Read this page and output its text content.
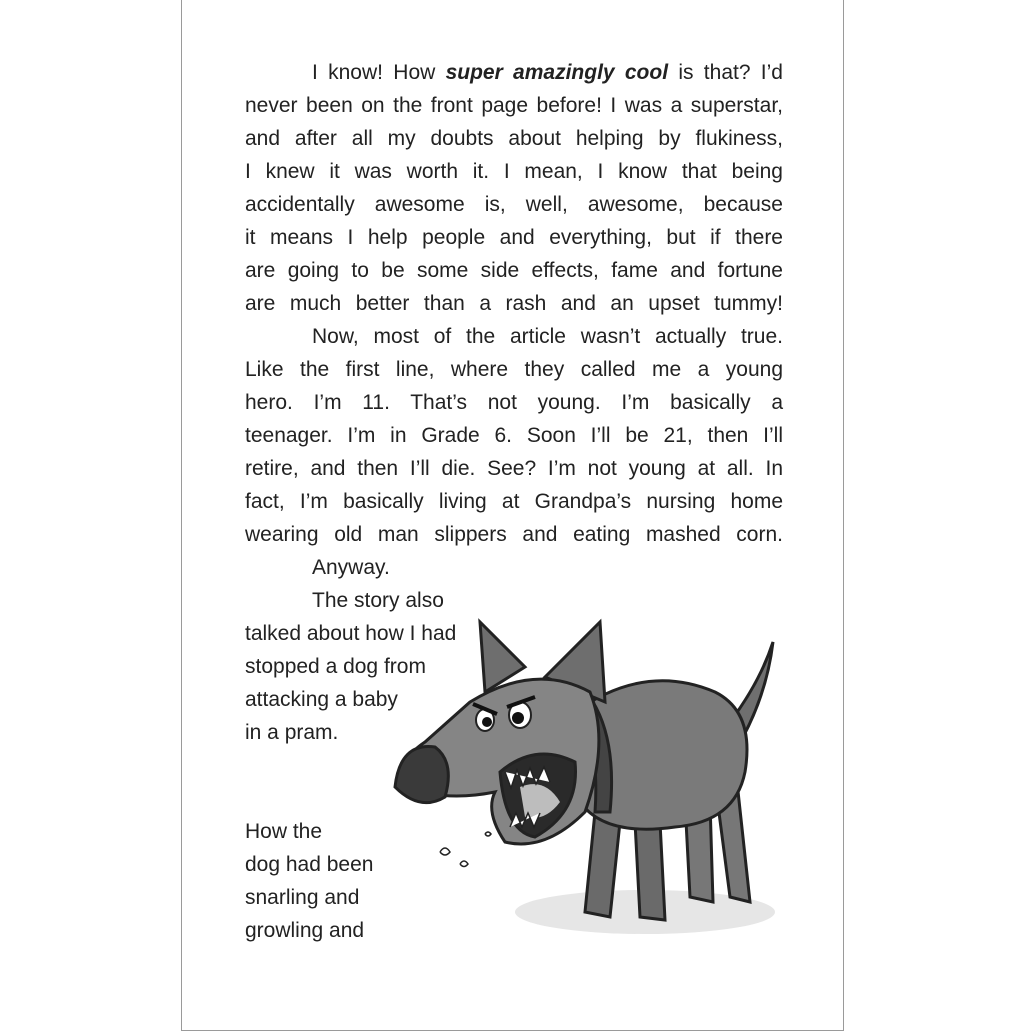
I know! How super amazingly cool is that? I’d
never been on the front page before! I was a superstar,
and after all my doubts about helping by flukiness,
I knew it was worth it. I mean, I know that being
accidentally awesome is, well, awesome, because
it means I help people and everything, but if there
are going to be some side effects, fame and fortune
are much better than a rash and an upset tummy!
Now, most of the article wasn’t actually true.
Like the first line, where they called me a young
hero. I’m 11. That’s not young. I’m basically a
teenager. I’m in Grade 6. Soon I’ll be 21, then I’ll
retire, and then I’ll die. See? I’m not young at all. In
fact, I’m basically living at Grandpa’s nursing home
wearing old man slippers and eating mashed corn.
Anyway.
The story also
talked about how I had
stopped a dog from
attacking a baby
in a pram.
How the
dog had been
snarling and
growling and
